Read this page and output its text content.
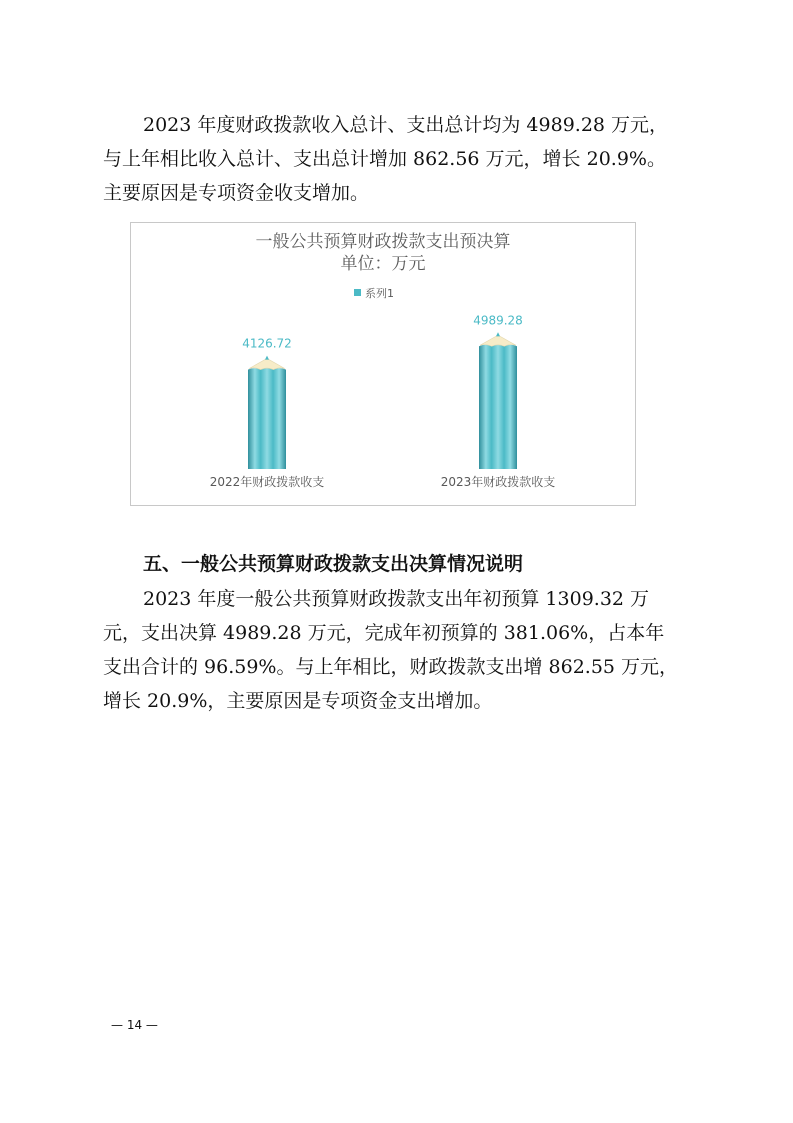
2023 年度财政拨款收入总计、支出总计均为 4989.28 万元，
与上年相比收入总计、支出总计增加 862.56 万元，增长 20.9%。
主要原因是专项资金收支增加。
一般公共预算财政拨款支出预决算
单位：万元
系列1
4126.72
2022年财政拨款收支
4989.28
2023年财政拨款收支
五、一般公共预算财政拨款支出决算情况说明
2023 年度一般公共预算财政拨款支出年初预算 1309.32 万
元，支出决算 4989.28 万元，完成年初预算的 381.06%，占本年
支出合计的 96.59%。与上年相比，财政拨款支出增 862.55 万元，
增长 20.9%，主要原因是专项资金支出增加。
— 14 —
